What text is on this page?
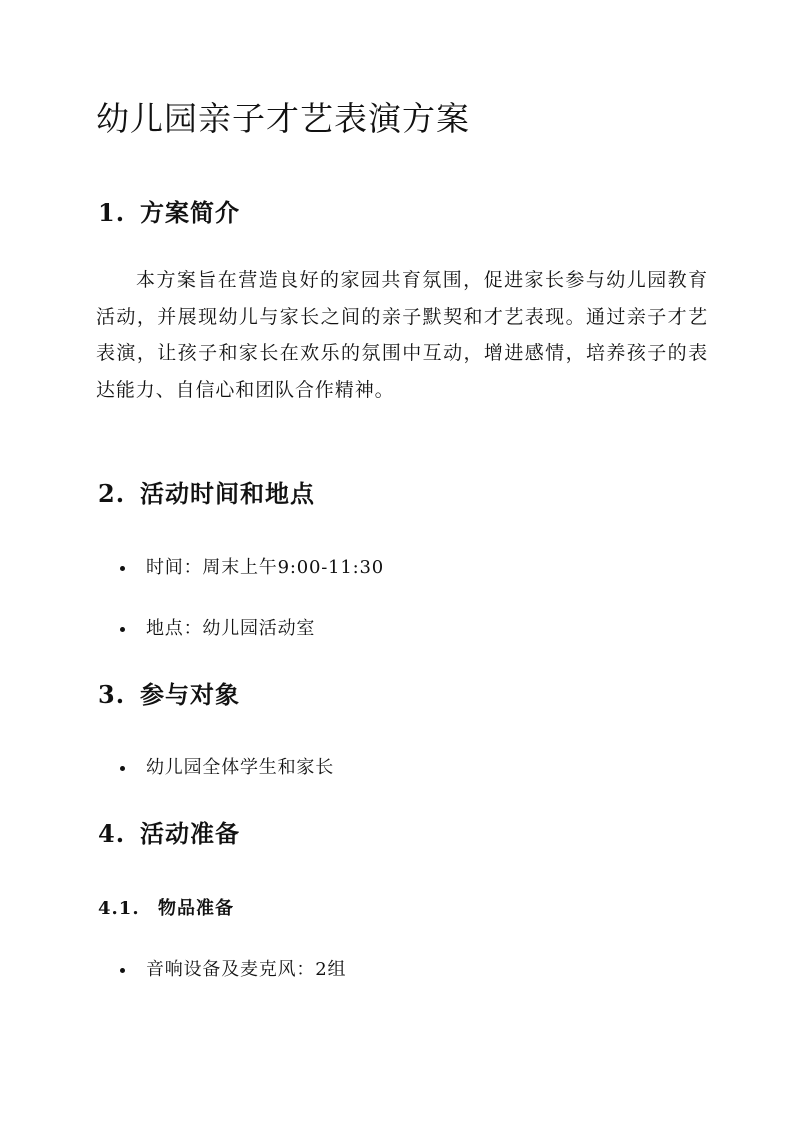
幼儿园亲子才艺表演方案
1. 方案简介

本方案旨在营造良好的家园共育氛围，促进家长参与幼儿园教育活动，并展现幼儿与家长之间的亲子默契和才艺表现。通过亲子才艺表演，让孩子和家长在欢乐的氛围中互动，增进感情，培养孩子的表达能力、自信心和团队合作精神。

2. 活动时间和地点
时间：周末上午9:00-11:30
地点：幼儿园活动室
3. 参与对象
幼儿园全体学生和家长
4. 活动准备
4.1. 物品准备
音响设备及麦克风：2组
